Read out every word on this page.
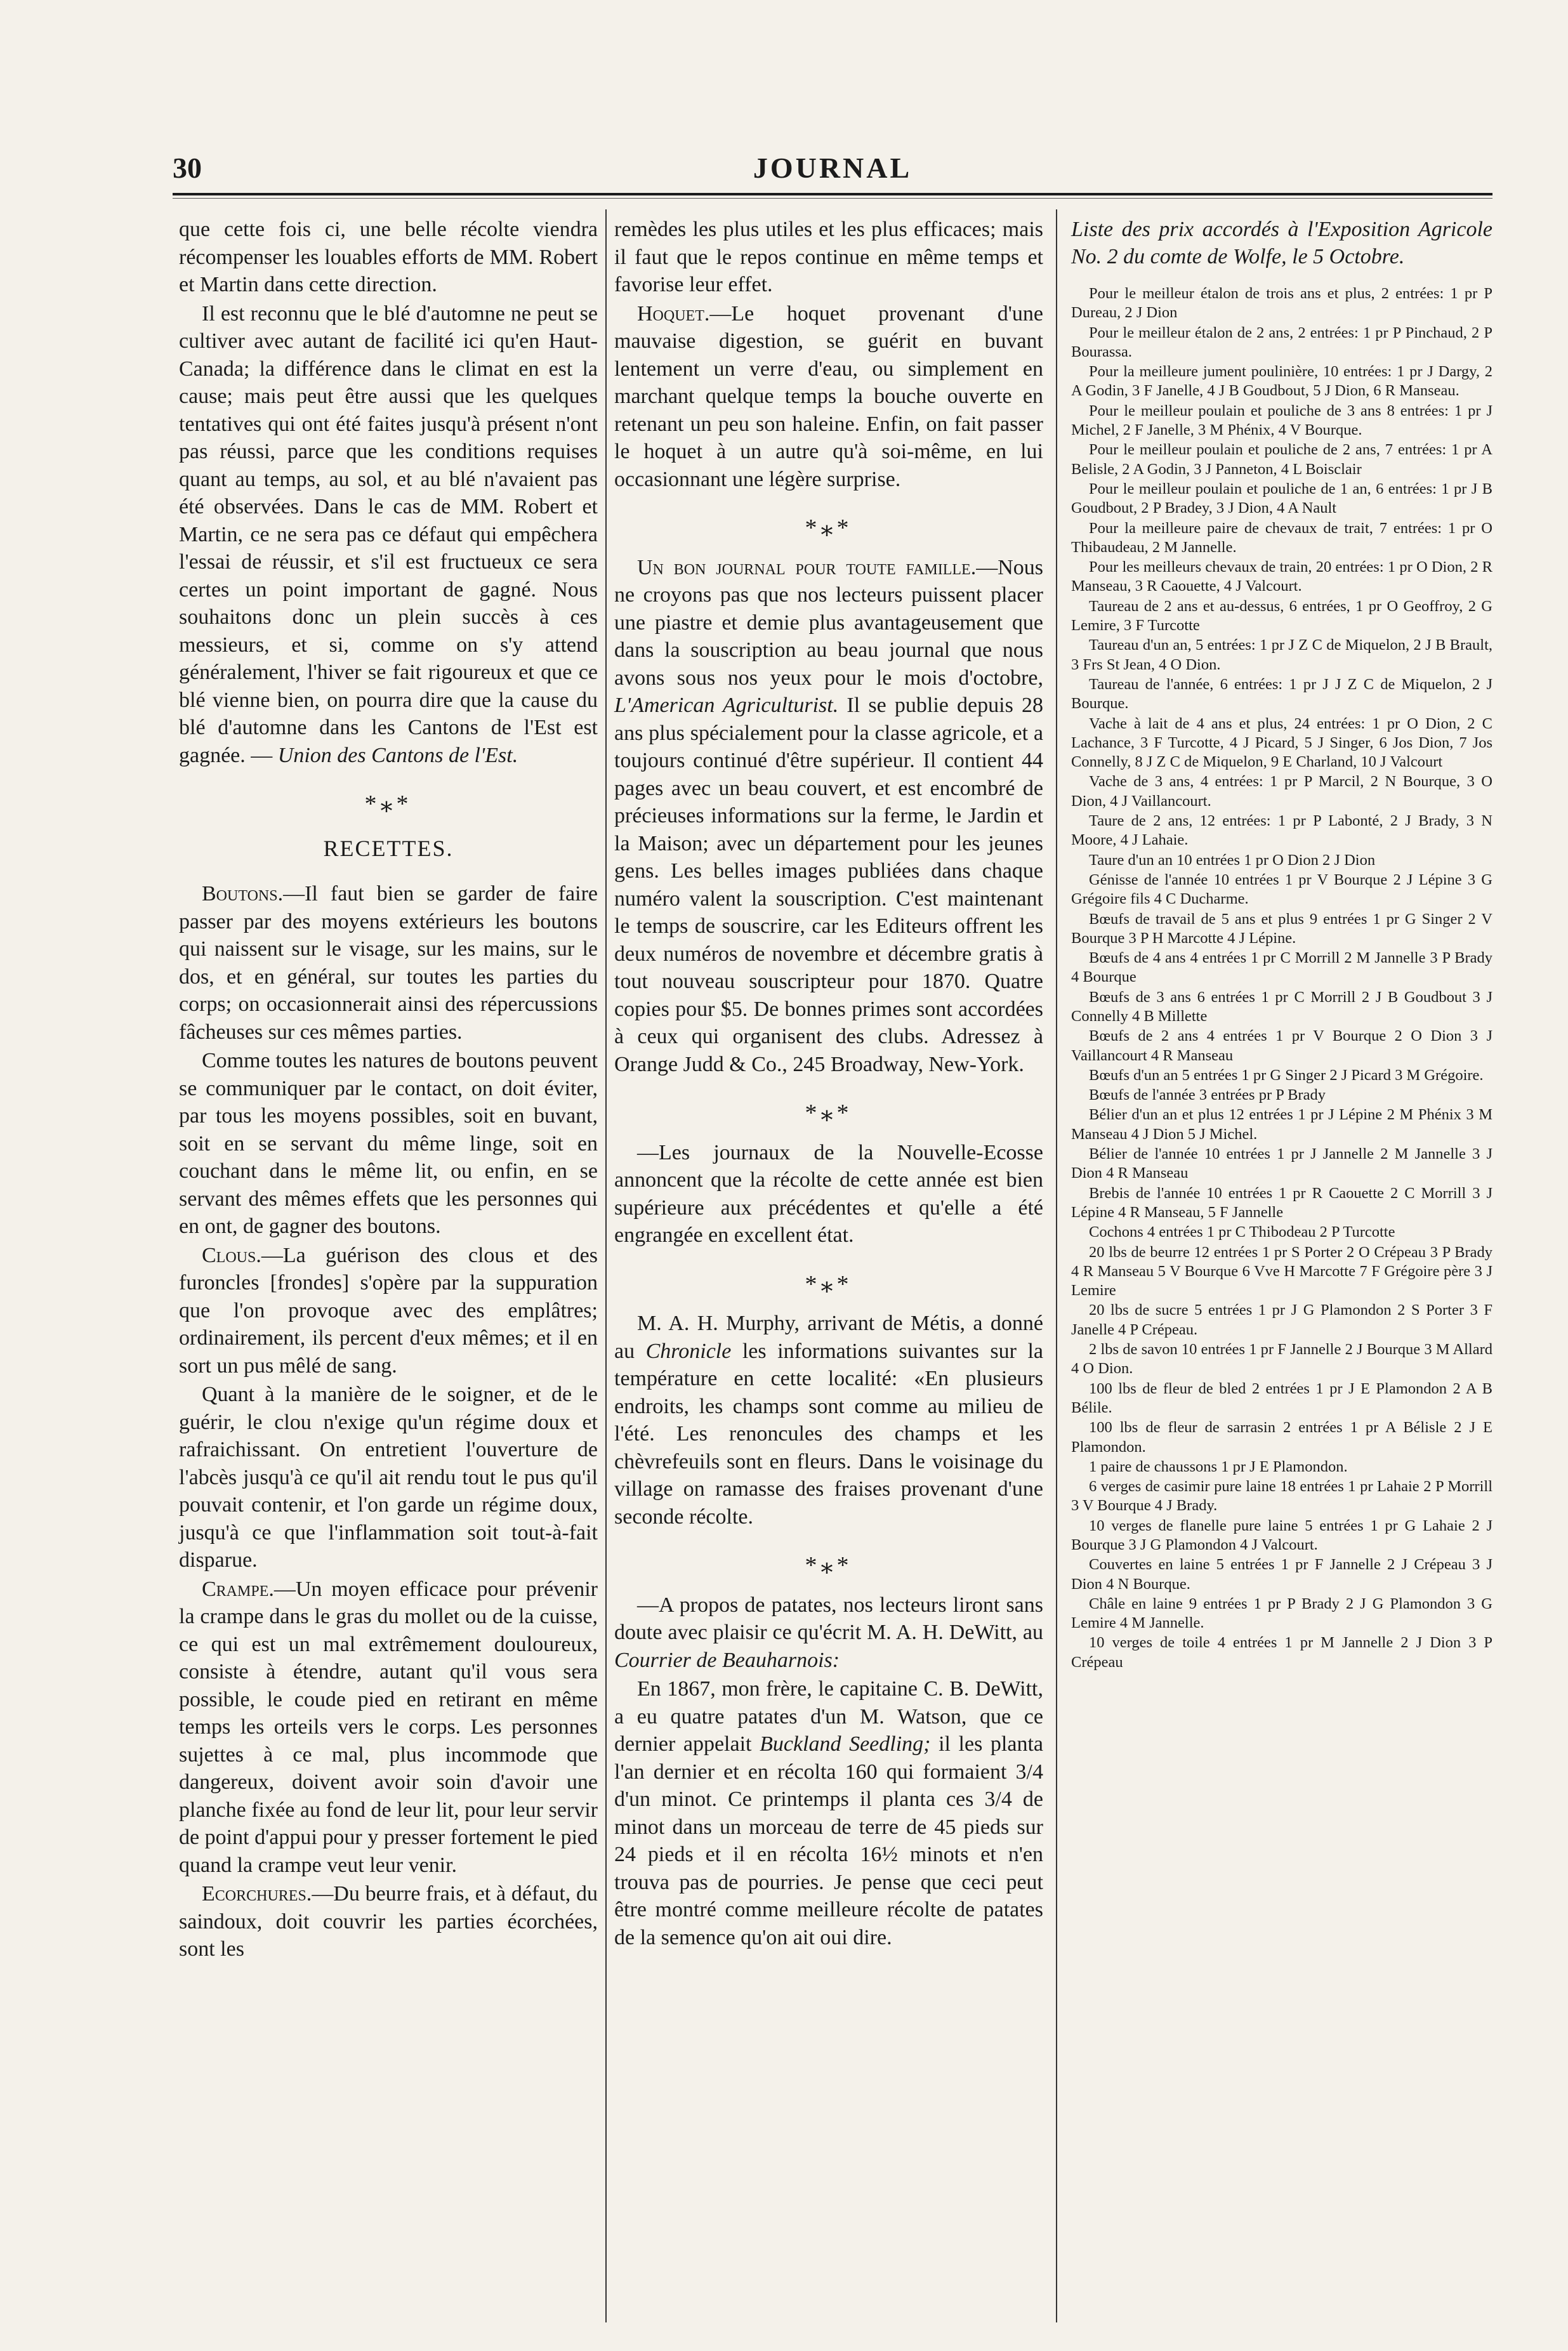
30	JOURNAL

que cette fois ci, une belle récolte viendra récompenser les louables efforts de MM. Robert et Martin dans cette direction.

Il est reconnu que le blé d'automne ne peut se cultiver avec autant de facilité ici qu'en Haut-Canada; la différence dans le climat en est la cause; mais peut être aussi que les quelques tentatives qui ont été faites jusqu'à présent n'ont pas réussi, parce que les conditions requises quant au temps, au sol, et au blé n'avaient pas été observées. Dans le cas de MM. Robert et Martin, ce ne sera pas ce défaut qui empêchera l'essai de réussir, et s'il est fructueux ce sera certes un point important de gagné. Nous souhaitons donc un plein succès à ces messieurs, et si, comme on s'y attend généralement, l'hiver se fait rigoureux et que ce blé vienne bien, on pourra dire que la cause du blé d'automne dans les Cantons de l'Est est gagnée. — Union des Cantons de l'Est.

*⁎*
RECETTES.

Boutons.—Il faut bien se garder de faire passer par des moyens extérieurs les boutons qui naissent sur le visage, sur les mains, sur le dos, et en général, sur toutes les parties du corps; on occasionnerait ainsi des répercussions fâcheuses sur ces mêmes parties.

Comme toutes les natures de boutons peuvent se communiquer par le contact, on doit éviter, par tous les moyens possibles, soit en buvant, soit en se servant du même linge, soit en couchant dans le même lit, ou enfin, en se servant des mêmes effets que les personnes qui en ont, de gagner des boutons.

Clous.—La guérison des clous et des furoncles [frondes] s'opère par la suppuration que l'on provoque avec des emplâtres; ordinairement, ils percent d'eux mêmes; et il en sort un pus mêlé de sang.

Quant à la manière de le soigner, et de le guérir, le clou n'exige qu'un régime doux et rafraichissant. On entretient l'ouverture de l'abcès jusqu'à ce qu'il ait rendu tout le pus qu'il pouvait contenir, et l'on garde un régime doux, jusqu'à ce que l'inflammation soit tout-à-fait disparue.

Crampe.—Un moyen efficace pour prévenir la crampe dans le gras du mollet ou de la cuisse, ce qui est un mal extrêmement douloureux, consiste à étendre, autant qu'il vous sera possible, le coude pied en retirant en même temps les orteils vers le corps. Les personnes sujettes à ce mal, plus incommode que dangereux, doivent avoir soin d'avoir une planche fixée au fond de leur lit, pour leur servir de point d'appui pour y presser fortement le pied quand la crampe veut leur venir.

Ecorchures.—Du beurre frais, et à défaut, du saindoux, doit couvrir les parties écorchées, sont les

remèdes les plus utiles et les plus efficaces; mais il faut que le repos continue en même temps et favorise leur effet.

Hoquet.—Le hoquet provenant d'une mauvaise digestion, se guérit en buvant lentement un verre d'eau, ou simplement en marchant quelque temps la bouche ouverte en retenant un peu son haleine. Enfin, on fait passer le hoquet à un autre qu'à soi-même, en lui occasionnant une légère surprise.

*⁎*

Un bon journal pour toute famille.—Nous ne croyons pas que nos lecteurs puissent placer une piastre et demie plus avantageusement que dans la souscription au beau journal que nous avons sous nos yeux pour le mois d'octobre, L'American Agriculturist. Il se publie depuis 28 ans plus spécialement pour la classe agricole, et a toujours continué d'être supérieur. Il contient 44 pages avec un beau couvert, et est encombré de précieuses informations sur la ferme, le Jardin et la Maison; avec un département pour les jeunes gens. Les belles images publiées dans chaque numéro valent la souscription. C'est maintenant le temps de souscrire, car les Editeurs offrent les deux numéros de novembre et décembre gratis à tout nouveau souscripteur pour 1870. Quatre copies pour $5. De bonnes primes sont accordées à ceux qui organisent des clubs. Adressez à Orange Judd & Co., 245 Broadway, New-York.

*⁎*

—Les journaux de la Nouvelle-Ecosse annoncent que la récolte de cette année est bien supérieure aux précédentes et qu'elle a été engrangée en excellent état.

*⁎*

M. A. H. Murphy, arrivant de Métis, a donné au Chronicle les informations suivantes sur la température en cette localité: «En plusieurs endroits, les champs sont comme au milieu de l'été. Les renoncules des champs et les chèvrefeuils sont en fleurs. Dans le voisinage du village on ramasse des fraises provenant d'une seconde récolte.

*⁎*

—A propos de patates, nos lecteurs liront sans doute avec plaisir ce qu'écrit M. A. H. DeWitt, au Courrier de Beauharnois:

En 1867, mon frère, le capitaine C. B. DeWitt, a eu quatre patates d'un M. Watson, que ce dernier appelait Buckland Seedling; il les planta l'an dernier et en récolta 160 qui formaient 3/4 d'un minot. Ce printemps il planta ces 3/4 de minot dans un morceau de terre de 45 pieds sur 24 pieds et il en récolta 16½ minots et n'en trouva pas de pourries. Je pense que ceci peut être montré comme meilleure récolte de patates de la semence qu'on ait oui dire.

Liste des prix accordés à l'Exposition Agricole No. 2 du comte de Wolfe, le 5 Octobre.

Pour le meilleur étalon de trois ans et plus, 2 entrées: 1 pr P Dureau, 2 J Dion

Pour le meilleur étalon de 2 ans, 2 entrées: 1 pr P Pinchaud, 2 P Bourassa.

Pour la meilleure jument poulinière, 10 entrées: 1 pr J Dargy, 2 A Godin, 3 F Janelle, 4 J B Goudbout, 5 J Dion, 6 R Manseau.

Pour le meilleur poulain et pouliche de 3 ans 8 entrées: 1 pr J Michel, 2 F Janelle, 3 M Phénix, 4 V Bourque.

Pour le meilleur poulain et pouliche de 2 ans, 7 entrées: 1 pr A Belisle, 2 A Godin, 3 J Panneton, 4 L Boisclair

Pour le meilleur poulain et pouliche de 1 an, 6 entrées: 1 pr J B Goudbout, 2 P Bradey, 3 J Dion, 4 A Nault

Pour la meilleure paire de chevaux de trait, 7 entrées: 1 pr O Thibaudeau, 2 M Jannelle.

Pour les meilleurs chevaux de train, 20 entrées: 1 pr O Dion, 2 R Manseau, 3 R Caouette, 4 J Valcourt.

Taureau de 2 ans et au-dessus, 6 entrées, 1 pr O Geoffroy, 2 G Lemire, 3 F Turcotte

Taureau d'un an, 5 entrées: 1 pr J Z C de Miquelon, 2 J B Brault, 3 Frs St Jean, 4 O Dion.

Taureau de l'année, 6 entrées: 1 pr J J Z C de Miquelon, 2 J Bourque.

Vache à lait de 4 ans et plus, 24 entrées: 1 pr O Dion, 2 C Lachance, 3 F Turcotte, 4 J Picard, 5 J Singer, 6 Jos Dion, 7 Jos Connelly, 8 J Z C de Miquelon, 9 E Charland, 10 J Valcourt

Vache de 3 ans, 4 entrées: 1 pr P Marcil, 2 N Bourque, 3 O Dion, 4 J Vaillancourt.

Taure de 2 ans, 12 entrées: 1 pr P Labonté, 2 J Brady, 3 N Moore, 4 J Lahaie.

Taure d'un an 10 entrées 1 pr O Dion 2 J Dion

Génisse de l'année 10 entrées 1 pr V Bourque 2 J Lépine 3 G Grégoire fils 4 C Ducharme.

Bœufs de travail de 5 ans et plus 9 entrées 1 pr G Singer 2 V Bourque 3 P H Marcotte 4 J Lépine.

Bœufs de 4 ans 4 entrées 1 pr C Morrill 2 M Jannelle 3 P Brady 4 Bourque

Bœufs de 3 ans 6 entrées 1 pr C Morrill 2 J B Goudbout 3 J Connelly 4 B Millette

Bœufs de 2 ans 4 entrées 1 pr V Bourque 2 O Dion 3 J Vaillancourt 4 R Manseau

Bœufs d'un an 5 entrées 1 pr G Singer 2 J Picard 3 M Grégoire.

Bœufs de l'année 3 entrées pr P Brady

Bélier d'un an et plus 12 entrées 1 pr J Lépine 2 M Phénix 3 M Manseau 4 J Dion 5 J Michel.

Bélier de l'année 10 entrées 1 pr J Jannelle 2 M Jannelle 3 J Dion 4 R Manseau

Brebis de l'année 10 entrées 1 pr R Caouette 2 C Morrill 3 J Lépine 4 R Manseau, 5 F Jannelle

Cochons 4 entrées 1 pr C Thibodeau 2 P Turcotte

20 lbs de beurre 12 entrées 1 pr S Porter 2 O Crépeau 3 P Brady 4 R Manseau 5 V Bourque 6 Vve H Marcotte 7 F Grégoire père 3 J Lemire

20 lbs de sucre 5 entrées 1 pr J G Plamondon 2 S Porter 3 F Janelle 4 P Crépeau.

2 lbs de savon 10 entrées 1 pr F Jannelle 2 J Bourque 3 M Allard 4 O Dion.

100 lbs de fleur de bled 2 entrées 1 pr J E Plamondon 2 A B Bélile.

100 lbs de fleur de sarrasin 2 entrées 1 pr A Bélisle 2 J E Plamondon.

1 paire de chaussons 1 pr J E Plamondon.

6 verges de casimir pure laine 18 entrées 1 pr Lahaie 2 P Morrill 3 V Bourque 4 J Brady.

10 verges de flanelle pure laine 5 entrées 1 pr G Lahaie 2 J Bourque 3 J G Plamondon 4 J Valcourt.

Couvertes en laine 5 entrées 1 pr F Jannelle 2 J Crépeau 3 J Dion 4 N Bourque.

Châle en laine 9 entrées 1 pr P Brady 2 J G Plamondon 3 G Lemire 4 M Jannelle.

10 verges de toile 4 entrées 1 pr M Jannelle 2 J Dion 3 P Crépeau
